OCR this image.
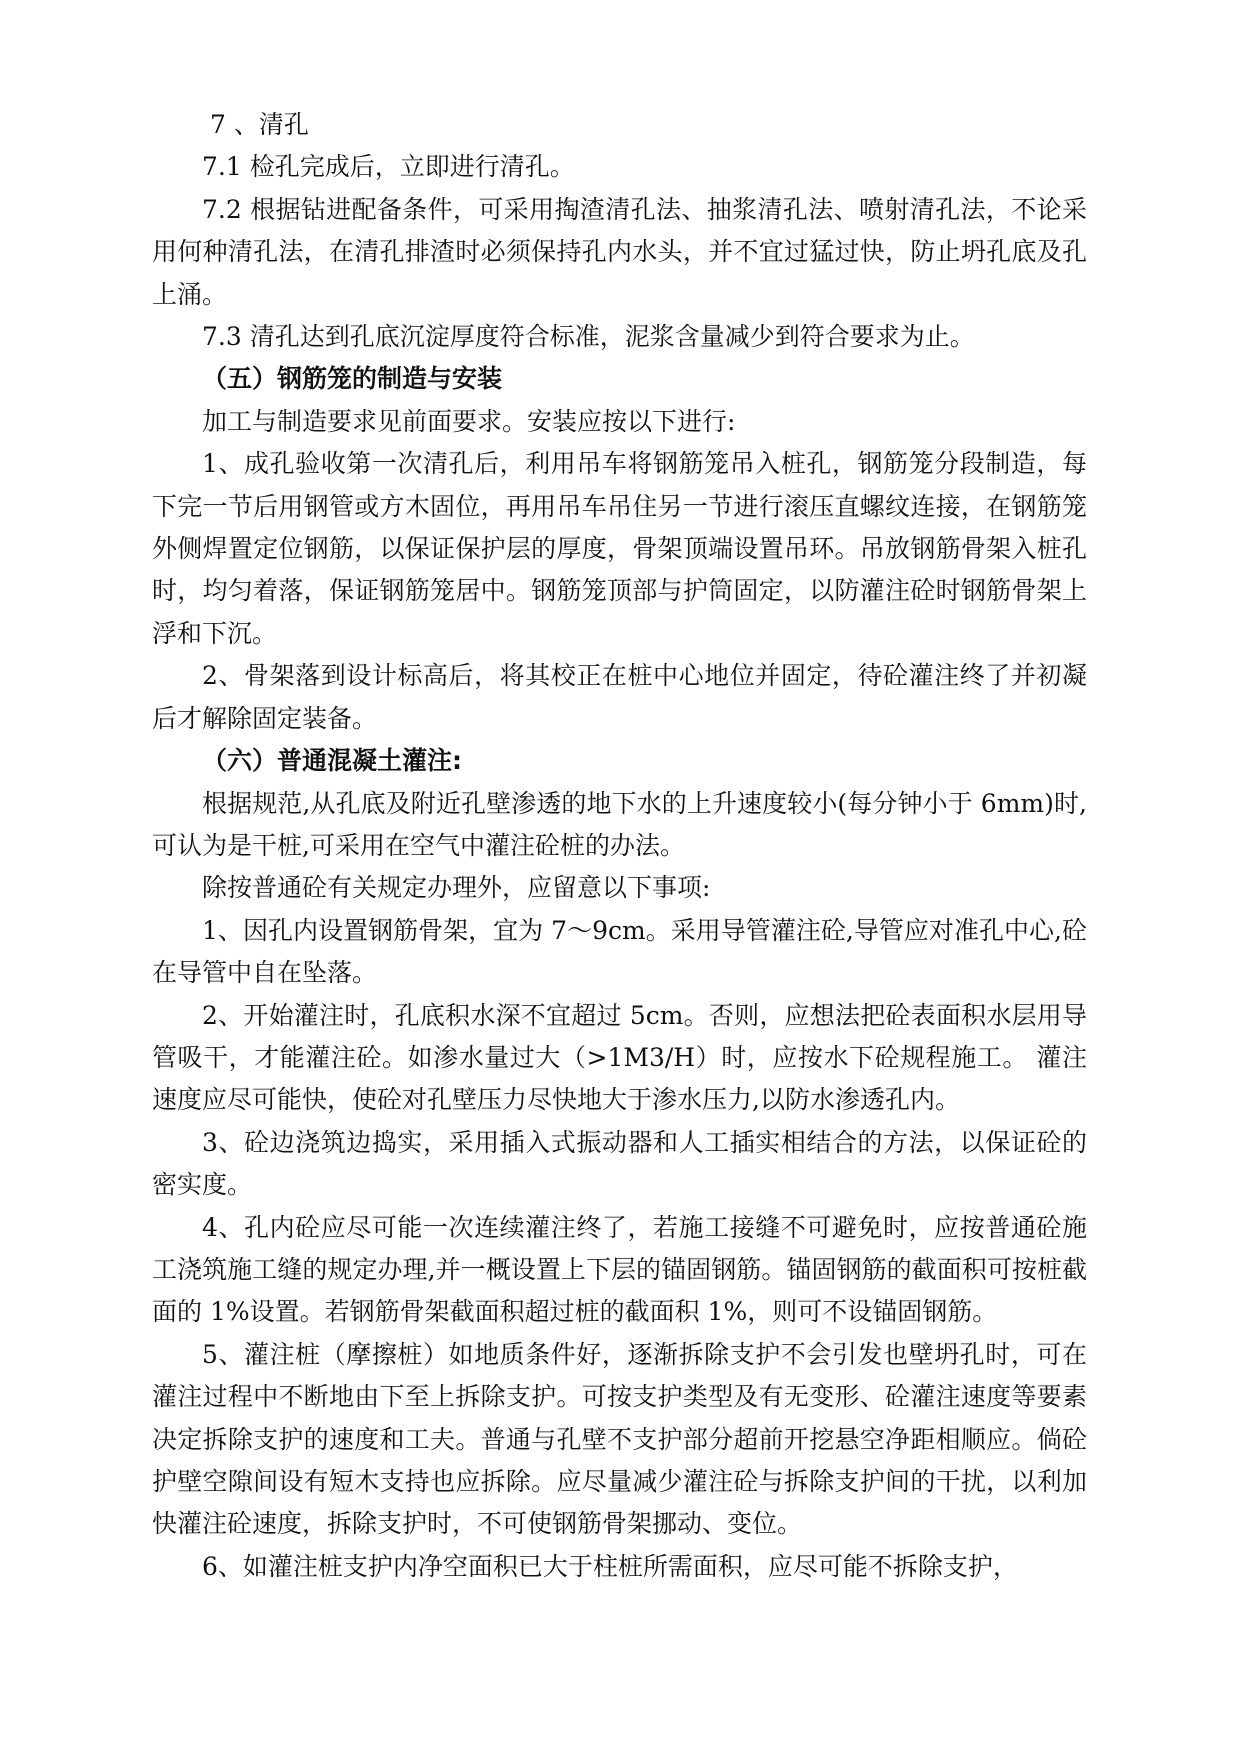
7 、清孔

7.1 检孔完成后，立即进行清孔。

7.2 根据钻进配备条件，可采用掏渣清孔法、抽浆清孔法、喷射清孔法，不论采用何种清孔法，在清孔排渣时必须保持孔内水头，并不宜过猛过快，防止坍孔底及孔上涌。

7.3 清孔达到孔底沉淀厚度符合标准，泥浆含量减少到符合要求为止。

（五）钢筋笼的制造与安装

加工与制造要求见前面要求。安装应按以下进行:

1、成孔验收第一次清孔后，利用吊车将钢筋笼吊入桩孔，钢筋笼分段制造，每下完一节后用钢管或方木固位，再用吊车吊住另一节进行滚压直螺纹连接，在钢筋笼外侧焊置定位钢筋，以保证保护层的厚度，骨架顶端设置吊环。吊放钢筋骨架入桩孔时，均匀着落，保证钢筋笼居中。钢筋笼顶部与护筒固定，以防灌注砼时钢筋骨架上浮和下沉。

2、骨架落到设计标高后，将其校正在桩中心地位并固定，待砼灌注终了并初凝后才解除固定装备。

（六）普通混凝土灌注:

根据规范,从孔底及附近孔壁渗透的地下水的上升速度较小(每分钟小于 6mm)时,可认为是干桩,可采用在空气中灌注砼桩的办法。

除按普通砼有关规定办理外，应留意以下事项:

1、因孔内设置钢筋骨架，宜为 7～9cm。采用导管灌注砼,导管应对准孔中心,砼在导管中自在坠落。

2、开始灌注时，孔底积水深不宜超过 5cm。否则，应想法把砼表面积水层用导管吸干，才能灌注砼。如渗水量过大（>1M3/H）时，应按水下砼规程施工。 灌注速度应尽可能快，使砼对孔壁压力尽快地大于渗水压力,以防水渗透孔内。

3、砼边浇筑边捣实，采用插入式振动器和人工插实相结合的方法，以保证砼的密实度。

4、孔内砼应尽可能一次连续灌注终了，若施工接缝不可避免时，应按普通砼施工浇筑施工缝的规定办理,并一概设置上下层的锚固钢筋。锚固钢筋的截面积可按桩截面的 1%设置。若钢筋骨架截面积超过桩的截面积 1%，则可不设锚固钢筋。

5、灌注桩（摩擦桩）如地质条件好，逐渐拆除支护不会引发也壁坍孔时，可在灌注过程中不断地由下至上拆除支护。可按支护类型及有无变形、砼灌注速度等要素决定拆除支护的速度和工夫。普通与孔壁不支护部分超前开挖悬空净距相顺应。倘砼护壁空隙间设有短木支持也应拆除。应尽量减少灌注砼与拆除支护间的干扰，以利加快灌注砼速度，拆除支护时，不可使钢筋骨架挪动、变位。

6、如灌注桩支护内净空面积已大于柱桩所需面积，应尽可能不拆除支护，
